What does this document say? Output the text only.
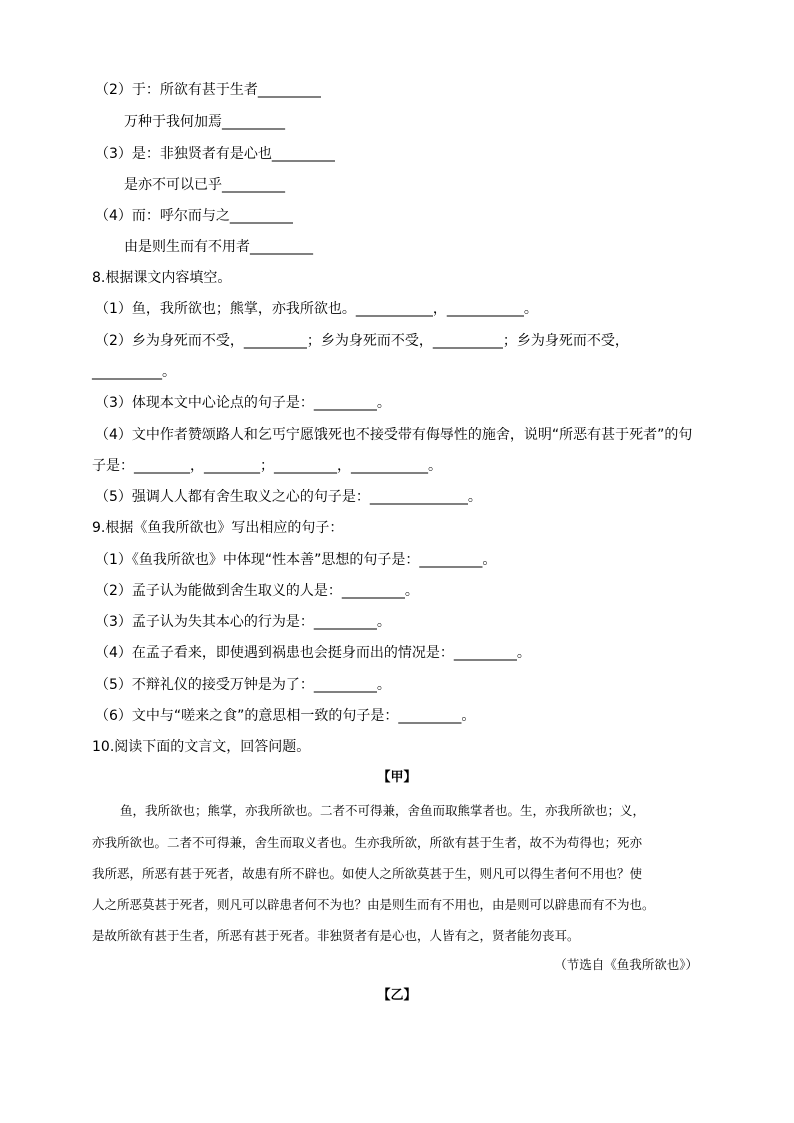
（2）于：所欲有甚于生者_________
万种于我何加焉_________
（3）是：非独贤者有是心也_________
是亦不可以已乎_________
（4）而：呼尔而与之_________
由是则生而有不用者_________
8.根据课文内容填空。
（1）鱼，我所欲也；熊掌，亦我所欲也。___________，___________。
（2）乡为身死而不受，_________；乡为身死而不受，__________；乡为身死而不受，
__________。
（3）体现本文中心论点的句子是：_________。
（4）文中作者赞颂路人和乞丐宁愿饿死也不接受带有侮辱性的施舍，说明“所恶有甚于死者”的句
子是：________，________；_________，___________。
（5）强调人人都有舍生取义之心的句子是：______________。
9.根据《鱼我所欲也》写出相应的句子：
（1）《鱼我所欲也》中体现“性本善”思想的句子是：_________。
（2）孟子认为能做到舍生取义的人是：_________。
（3）孟子认为失其本心的行为是：_________。
（4）在孟子看来，即使遇到祸患也会挺身而出的情况是：_________。
（5）不辩礼仪的接受万钟是为了：_________。
（6）文中与“嗟来之食”的意思相一致的句子是：_________。
10.阅读下面的文言文，回答问题。
【甲】
鱼，我所欲也；熊掌，亦我所欲也。二者不可得兼，舍鱼而取熊掌者也。生，亦我所欲也；义，
亦我所欲也。二者不可得兼，舍生而取义者也。生亦我所欲，所欲有甚于生者，故不为苟得也；死亦
我所恶，所恶有甚于死者，故患有所不辟也。如使人之所欲莫甚于生，则凡可以得生者何不用也？使
人之所恶莫甚于死者，则凡可以辟患者何不为也？由是则生而有不用也，由是则可以辟患而有不为也。
是故所欲有甚于生者，所恶有甚于死者。非独贤者有是心也，人皆有之，贤者能勿丧耳。
（节选自《鱼我所欲也》）
【乙】
